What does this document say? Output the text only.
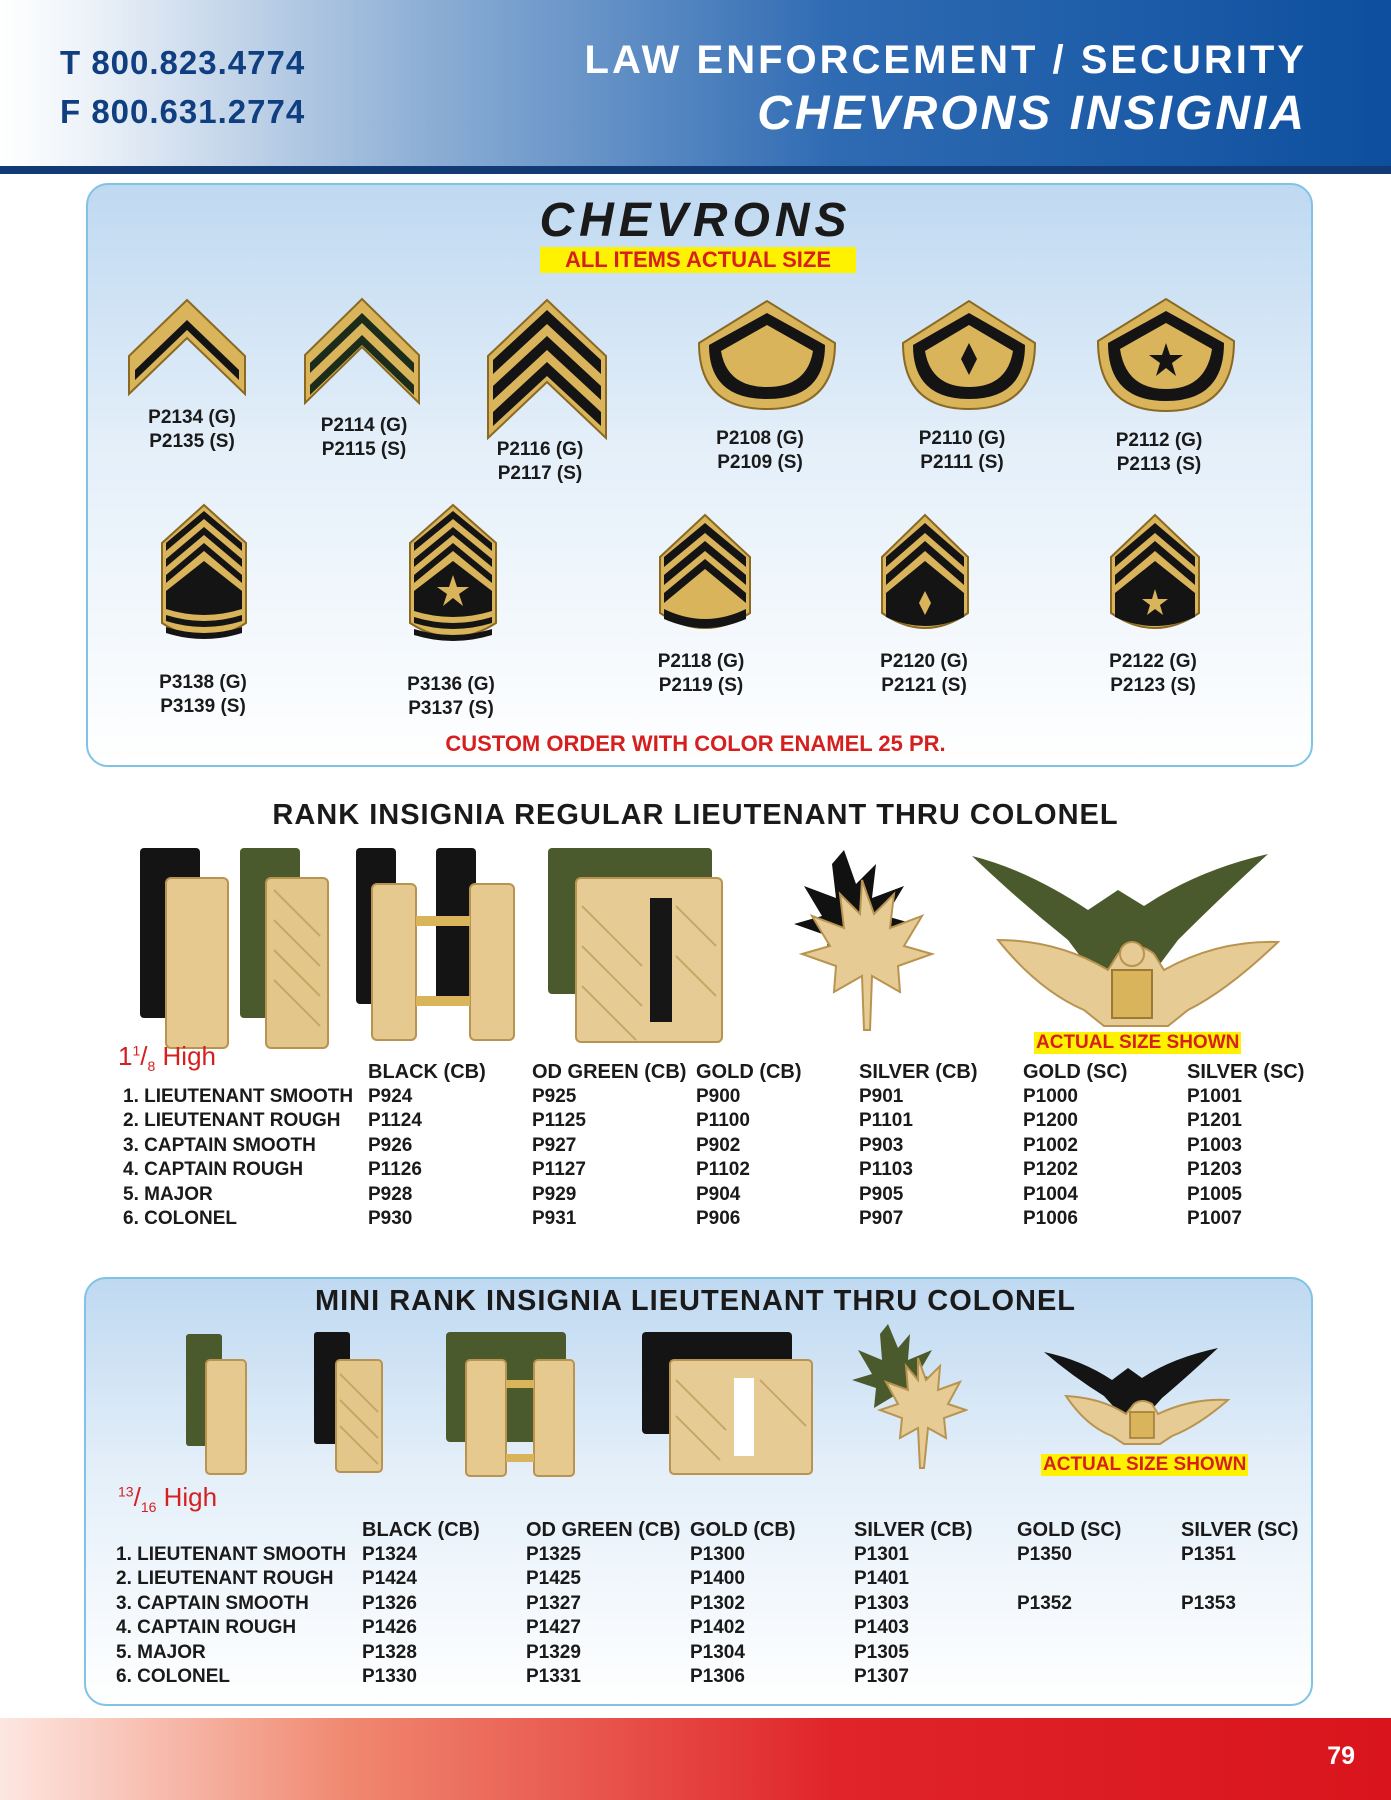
T 800.823.4774
F 800.631.2774
LAW ENFORCEMENT / SECURITY
CHEVRONS INSIGNIA
CHEVRONS
ALL ITEMS ACTUAL SIZE
P2134 (G)
P2135 (S)
P2114 (G)
P2115 (S)	P2116 (G)
P2117 (S)
P2108 (G)
P2109 (S)
P2110 (G)
P2111 (S)
P2112 (G)
P2113 (S)
P3138 (G)
P3139 (S)
P3136 (G)
P3137 (S)
P2118 (G)
P2119 (S)
P2120 (G)
P2121 (S)
P2122 (G)
P2123 (S)
CUSTOM ORDER WITH COLOR ENAMEL 25 PR.
RANK INSIGNIA REGULAR LIEUTENANT THRU COLONEL
ACTUAL SIZE SHOWN
$1^1/_8$ High
	BLACK (CB)	OD GREEN (CB)	GOLD (CB)	SILVER (CB)	GOLD (SC)	SILVER (SC)
1. LIEUTENANT SMOOTH	P924	P925	P900	P901	P1000	P1001
2. LIEUTENANT ROUGH	P1124	P1125	P1100	P1101	P1200	P1201
3. CAPTAIN SMOOTH	P926	P927	P902	P903	P1002	P1003
4. CAPTAIN ROUGH	P1126	P1127	P1102	P1103	P1202	P1203
5. MAJOR	P928	P929	P904	P905	P1004	P1005
6. COLONEL	P930	P931	P906	P907	P1006	P1007
MINI RANK INSIGNIA LIEUTENANT THRU COLONEL
ACTUAL SIZE SHOWN
$^{13}/_{16}$ High
	BLACK (CB)	OD GREEN (CB)	GOLD (CB)	SILVER (CB)	GOLD (SC)	SILVER (SC)
1. LIEUTENANT SMOOTH	P1324	P1325	P1300	P1301	P1350	P1351
2. LIEUTENANT ROUGH	P1424	P1425	P1400	P1401		
3. CAPTAIN SMOOTH	P1326	P1327	P1302	P1303	P1352	P1353
4. CAPTAIN ROUGH	P1426	P1427	P1402	P1403		
5. MAJOR	P1328	P1329	P1304	P1305		
6. COLONEL	P1330	P1331	P1306	P1307		
79
